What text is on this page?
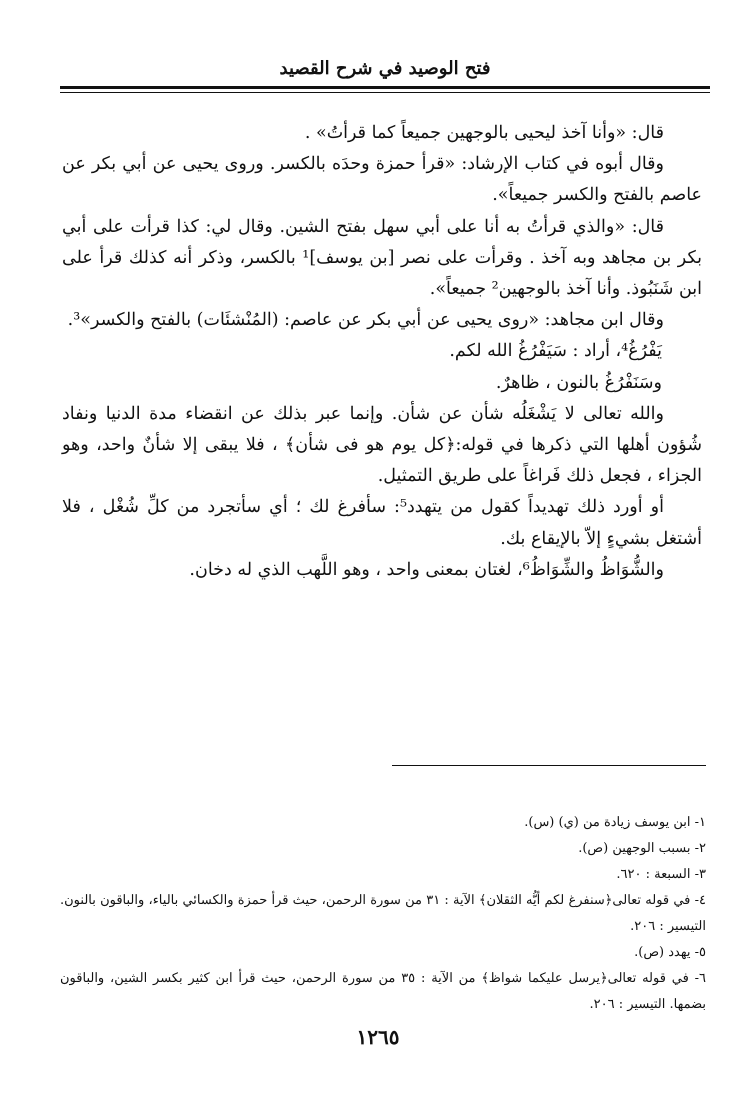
فتح الوصيد في شرح القصيد

قال: «وأنا آخذ ليحيى بالوجهين جميعاً كما قرأتُ» .

وقال أبوه في كتاب الإرشاد: «قرأ حمزة وحدَه بالكسر. وروى يحيى عن أبي بكر عن عاصم بالفتح والكسر جميعاً».

قال: «والذي قرأتُ به أنا على أبي سهل بفتح الشين. وقال لي: كذا قرأت على أبي بكر بن مجاهد وبه آخذ . وقرأت على نصر [بن يوسف]¹ بالكسر، وذكر أنه كذلك قرأ على ابن شَنَبُوذ. وأنا آخذ بالوجهين² جميعاً».

وقال ابن مجاهد: «روى يحيى عن أبي بكر عن عاصم: (المُنْشئَات) بالفتح والكسر»³.

يَفْرُغُ⁴، أراد : سَيَفْرُغُ الله لكم.

وسَنَفْرُغُ بالنون ، ظاهرٌ.

والله تعالى لا يَشْغَلُه شأن عن شأن. وإنما عبر بذلك عن انقضاء مدة الدنيا ونفاد شُؤون أهلها التي ذكرها في قوله:﴿كل يوم هو فى شأن﴾ ، فلا يبقى إلا شأنٌ واحد، وهو الجزاء ، فجعل ذلك فَراغاً على طريق التمثيل.

أو أورد ذلك تهديداً كقول من يتهدد⁵: سأفرغ لك ؛ أي سأتجرد من كلِّ شُغْل ، فلا أشتغل بشيءٍ إلاّ بالإيقاع بك.

والشُّوَاظُ والشِّوَاظُ⁶، لغتان بمعنى واحد ، وهو اللَّهب الذي له دخان.

١- ابن يوسف زيادة من (ي) (س).

٢- بسبب الوجهين (ص).

٣- السبعة : ٦٢٠.

٤- في قوله تعالى﴿سنفرغ لكم أيُّه الثقلان﴾ الآية : ٣١ من سورة الرحمن، حيث قرأ حمزة والكسائي بالياء، والباقون بالنون. التيسير : ٢٠٦.

٥- يهدد (ص).

٦- في قوله تعالى﴿يرسل عليكما شواظ﴾ من الآية : ٣٥ من سورة الرحمن، حيث قرأ ابن كثير بكسر الشين، والباقون بضمها. التيسير : ٢٠٦.

١٢٦٥
